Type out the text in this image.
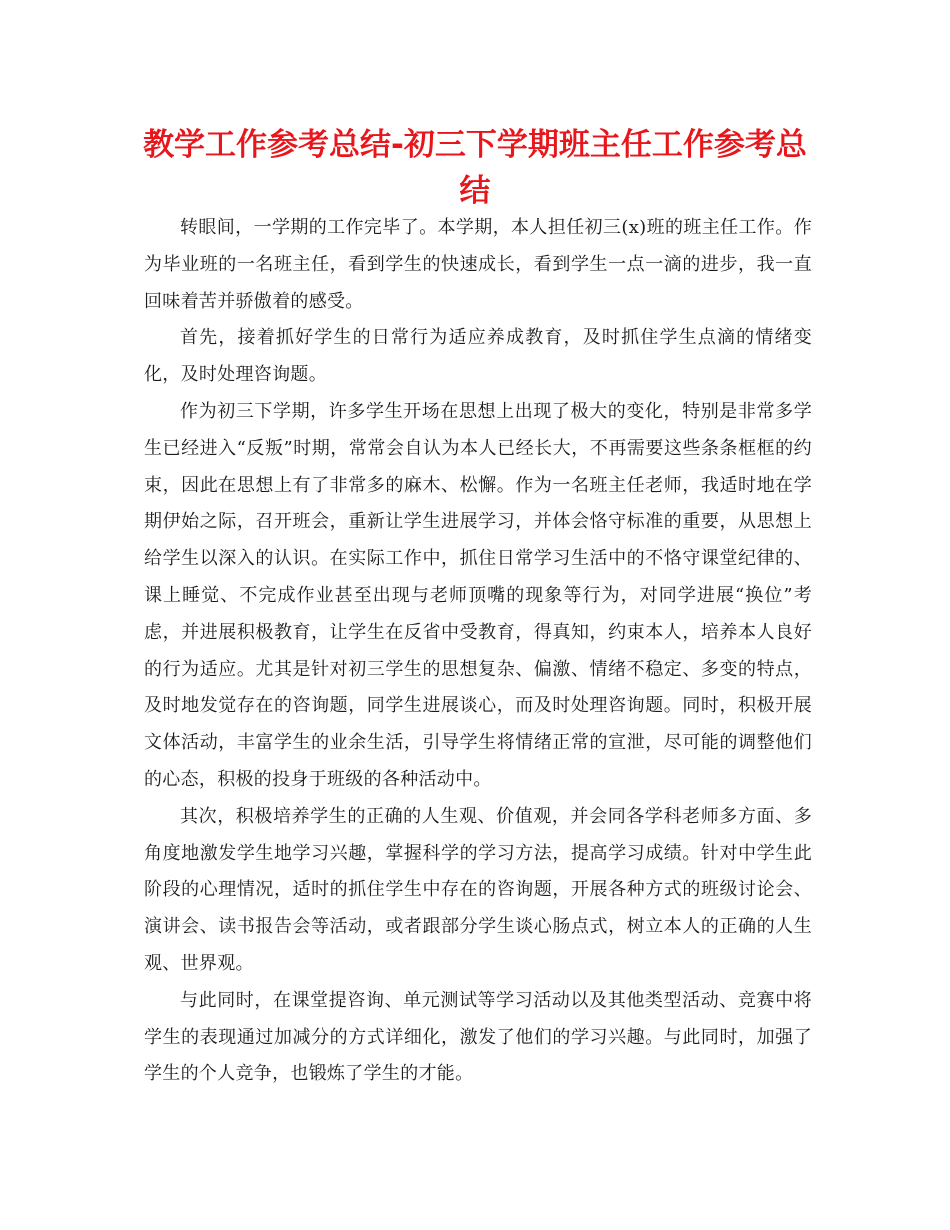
教学工作参考总结-初三下学期班主任工作参考总结

转眼间，一学期的工作完毕了。本学期，本人担任初三(x)班的班主任工作。作为毕业班的一名班主任，看到学生的快速成长，看到学生一点一滴的进步，我一直回味着苦并骄傲着的感受。

首先，接着抓好学生的日常行为适应养成教育，及时抓住学生点滴的情绪变化，及时处理咨询题。

作为初三下学期，许多学生开场在思想上出现了极大的变化，特别是非常多学生已经进入“反叛”时期，常常会自认为本人已经长大，不再需要这些条条框框的约束，因此在思想上有了非常多的麻木、松懈。作为一名班主任老师，我适时地在学期伊始之际，召开班会，重新让学生进展学习，并体会恪守标准的重要，从思想上给学生以深入的认识。在实际工作中，抓住日常学习生活中的不恪守课堂纪律的、课上睡觉、不完成作业甚至出现与老师顶嘴的现象等行为，对同学进展“换位”考虑，并进展积极教育，让学生在反省中受教育，得真知，约束本人，培养本人良好的行为适应。尤其是针对初三学生的思想复杂、偏激、情绪不稳定、多变的特点，及时地发觉存在的咨询题，同学生进展谈心，而及时处理咨询题。同时，积极开展文体活动，丰富学生的业余生活，引导学生将情绪正常的宣泄，尽可能的调整他们的心态，积极的投身于班级的各种活动中。

其次，积极培养学生的正确的人生观、价值观，并会同各学科老师多方面、多角度地激发学生地学习兴趣，掌握科学的学习方法，提高学习成绩。针对中学生此阶段的心理情况，适时的抓住学生中存在的咨询题，开展各种方式的班级讨论会、演讲会、读书报告会等活动，或者跟部分学生谈心肠点式，树立本人的正确的人生观、世界观。

与此同时，在课堂提咨询、单元测试等学习活动以及其他类型活动、竞赛中将学生的表现通过加减分的方式详细化，激发了他们的学习兴趣。与此同时，加强了学生的个人竞争，也锻炼了学生的才能。
